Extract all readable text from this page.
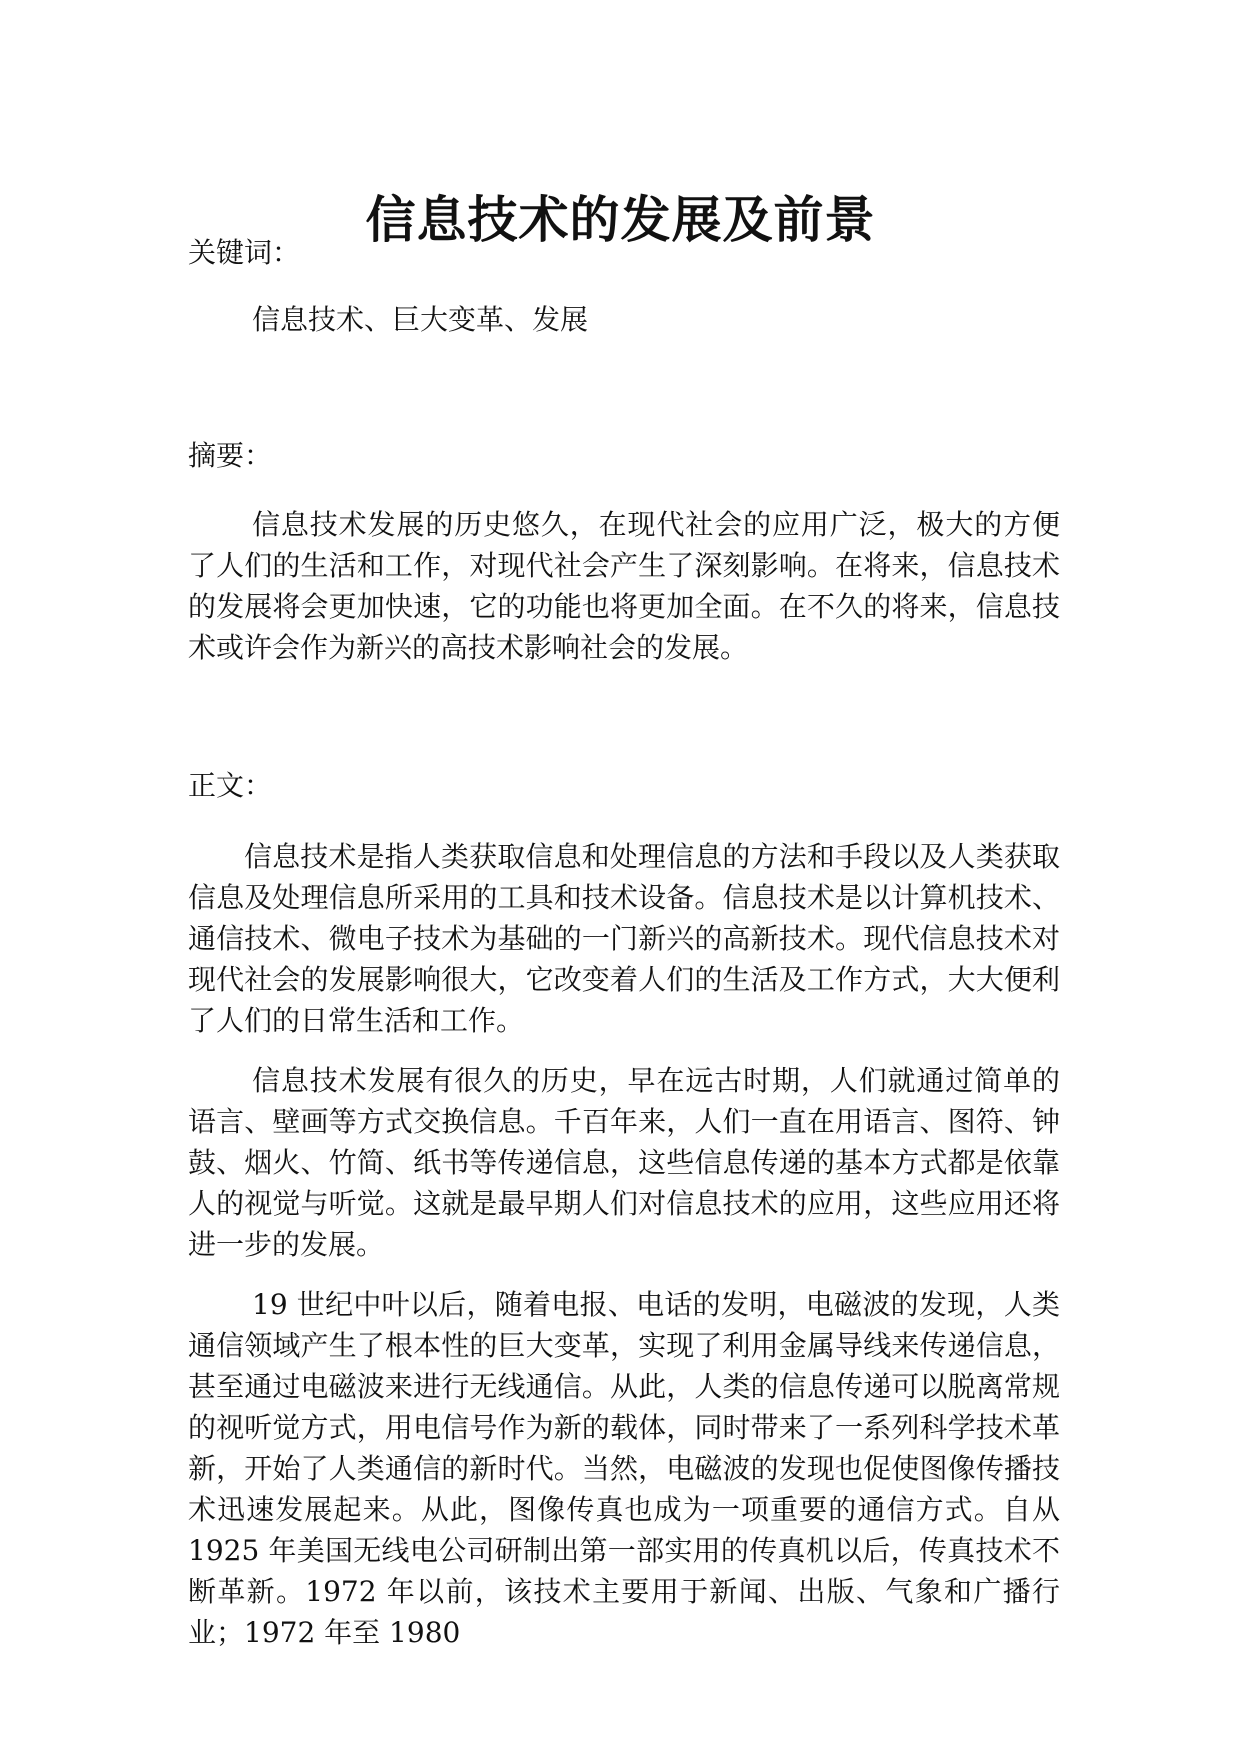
信息技术的发展及前景

关键词：

信息技术、巨大变革、发展

摘要：

信息技术发展的历史悠久，在现代社会的应用广泛，极大的方便了人们的生活和工作，对现代社会产生了深刻影响。在将来，信息技术的发展将会更加快速，它的功能也将更加全面。在不久的将来，信息技术或许会作为新兴的高技术影响社会的发展。

正文：

信息技术是指人类获取信息和处理信息的方法和手段以及人类获取信息及处理信息所采用的工具和技术设备。信息技术是以计算机技术、通信技术、微电子技术为基础的一门新兴的高新技术。现代信息技术对现代社会的发展影响很大，它改变着人们的生活及工作方式，大大便利了人们的日常生活和工作。

信息技术发展有很久的历史，早在远古时期，人们就通过简单的语言、壁画等方式交换信息。千百年来，人们一直在用语言、图符、钟鼓、烟火、竹简、纸书等传递信息，这些信息传递的基本方式都是依靠人的视觉与听觉。这就是最早期人们对信息技术的应用，这些应用还将进一步的发展。

19 世纪中叶以后，随着电报、电话的发明，电磁波的发现，人类通信领域产生了根本性的巨大变革，实现了利用金属导线来传递信息，甚至通过电磁波来进行无线通信。从此，人类的信息传递可以脱离常规的视听觉方式，用电信号作为新的载体，同时带来了一系列科学技术革新，开始了人类通信的新时代。当然，电磁波的发现也促使图像传播技术迅速发展起来。从此，图像传真也成为一项重要的通信方式。自从 1925 年美国无线电公司研制出第一部实用的传真机以后，传真技术不断革新。1972 年以前，该技术主要用于新闻、出版、气象和广播行业；1972 年至 1980
